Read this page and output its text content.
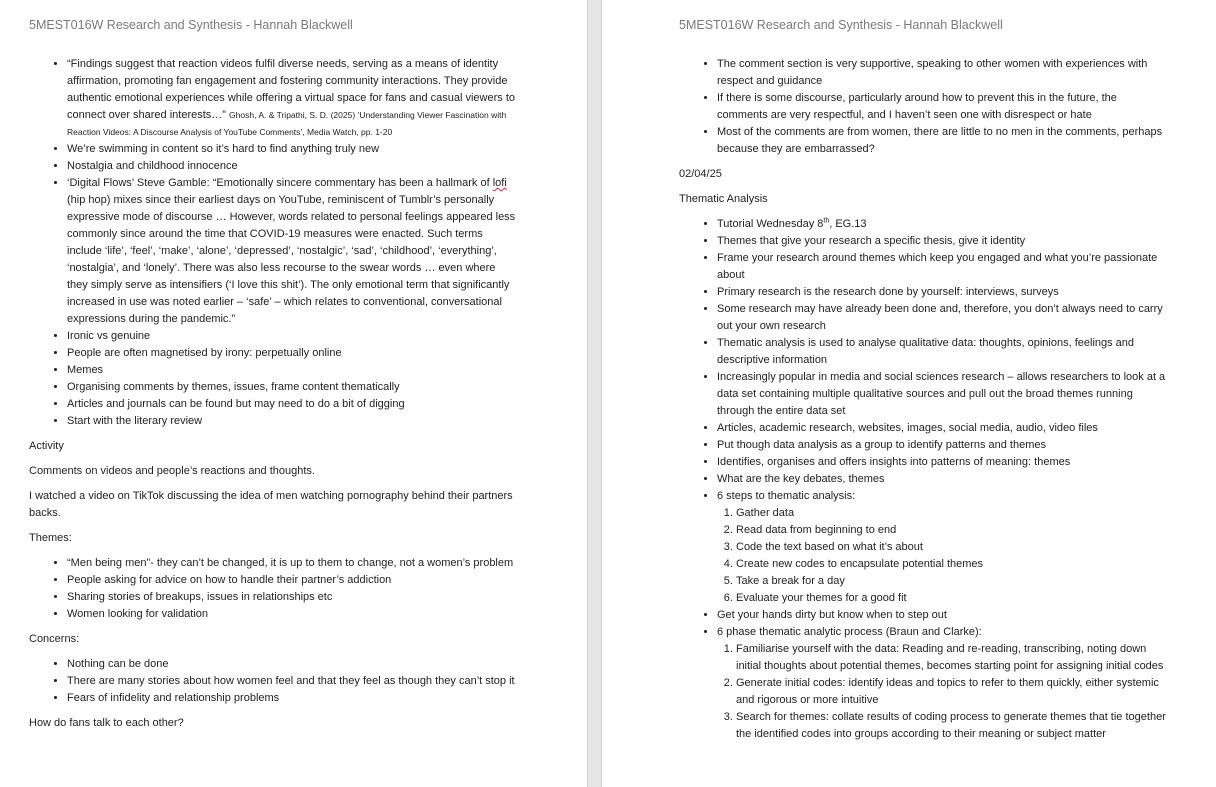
5MEST016W Research and Synthesis - Hannah Blackwell
• “Findings suggest that reaction videos fulfil diverse needs, serving as a means of identity affirmation, promoting fan engagement and fostering community interactions. They provide authentic emotional experiences while offering a virtual space for fans and casual viewers to connect over shared interests…” Ghosh, A. & Tripathi, S. D. (2025) ‘Understanding Viewer Fascination with Reaction Videos: A Discourse Analysis of YouTube Comments’, Media Watch, pp. 1-20
• We’re swimming in content so it’s hard to find anything truly new
• Nostalgia and childhood innocence
• ‘Digital Flows’ Steve Gamble: “Emotionally sincere commentary has been a hallmark of lofi (hip hop) mixes since their earliest days on YouTube, reminiscent of Tumblr’s personally expressive mode of discourse … However, words related to personal feelings appeared less commonly since around the time that COVID-19 measures were enacted. Such terms include ‘life’, ‘feel’, ‘make’, ‘alone’, ‘depressed’, ‘nostalgic’, ‘sad’, ‘childhood’, ‘everything’, ‘nostalgia’, and ‘lonely’. There was also less recourse to the swear words … even where they simply serve as intensifiers (‘I love this shit’). The only emotional term that significantly increased in use was noted earlier – ‘safe’ – which relates to conventional, conversational expressions during the pandemic.”
• Ironic vs genuine
• People are often magnetised by irony: perpetually online
• Memes
• Organising comments by themes, issues, frame content thematically
• Articles and journals can be found but may need to do a bit of digging
• Start with the literary review

Activity

Comments on videos and people’s reactions and thoughts.

I watched a video on TikTok discussing the idea of men watching pornography behind their partners backs.

Themes:

• “Men being men”- they can’t be changed, it is up to them to change, not a women’s problem
• People asking for advice on how to handle their partner’s addiction
• Sharing stories of breakups, issues in relationships etc
• Women looking for validation

Concerns:

• Nothing can be done
• There are many stories about how women feel and that they feel as though they can’t stop it
• Fears of infidelity and relationship problems

How do fans talk to each other?

5MEST016W Research and Synthesis - Hannah Blackwell
• The comment section is very supportive, speaking to other women with experiences with respect and guidance
• If there is some discourse, particularly around how to prevent this in the future, the comments are very respectful, and I haven’t seen one with disrespect or hate
• Most of the comments are from women, there are little to no men in the comments, perhaps because they are embarrassed?

02/04/25

Thematic Analysis

• Tutorial Wednesday 8th, EG.13
• Themes that give your research a specific thesis, give it identity
• Frame your research around themes which keep you engaged and what you’re passionate about
• Primary research is the research done by yourself: interviews, surveys
• Some research may have already been done and, therefore, you don’t always need to carry out your own research
• Thematic analysis is used to analyse qualitative data: thoughts, opinions, feelings and descriptive information
• Increasingly popular in media and social sciences research – allows researchers to look at a data set containing multiple qualitative sources and pull out the broad themes running through the entire data set
• Articles, academic research, websites, images, social media, audio, video files
• Put though data analysis as a group to identify patterns and themes
• Identifies, organises and offers insights into patterns of meaning: themes
• What are the key debates, themes
• 6 steps to thematic analysis:
1. Gather data
2. Read data from beginning to end
3. Code the text based on what it’s about
4. Create new codes to encapsulate potential themes
5. Take a break for a day
6. Evaluate your themes for a good fit
• Get your hands dirty but know when to step out
• 6 phase thematic analytic process (Braun and Clarke):
1. Familiarise yourself with the data: Reading and re-reading, transcribing, noting down initial thoughts about potential themes, becomes starting point for assigning initial codes
2. Generate initial codes: identify ideas and topics to refer to them quickly, either systemic and rigorous or more intuitive
3. Search for themes: collate results of coding process to generate themes that tie together the identified codes into groups according to their meaning or subject matter
